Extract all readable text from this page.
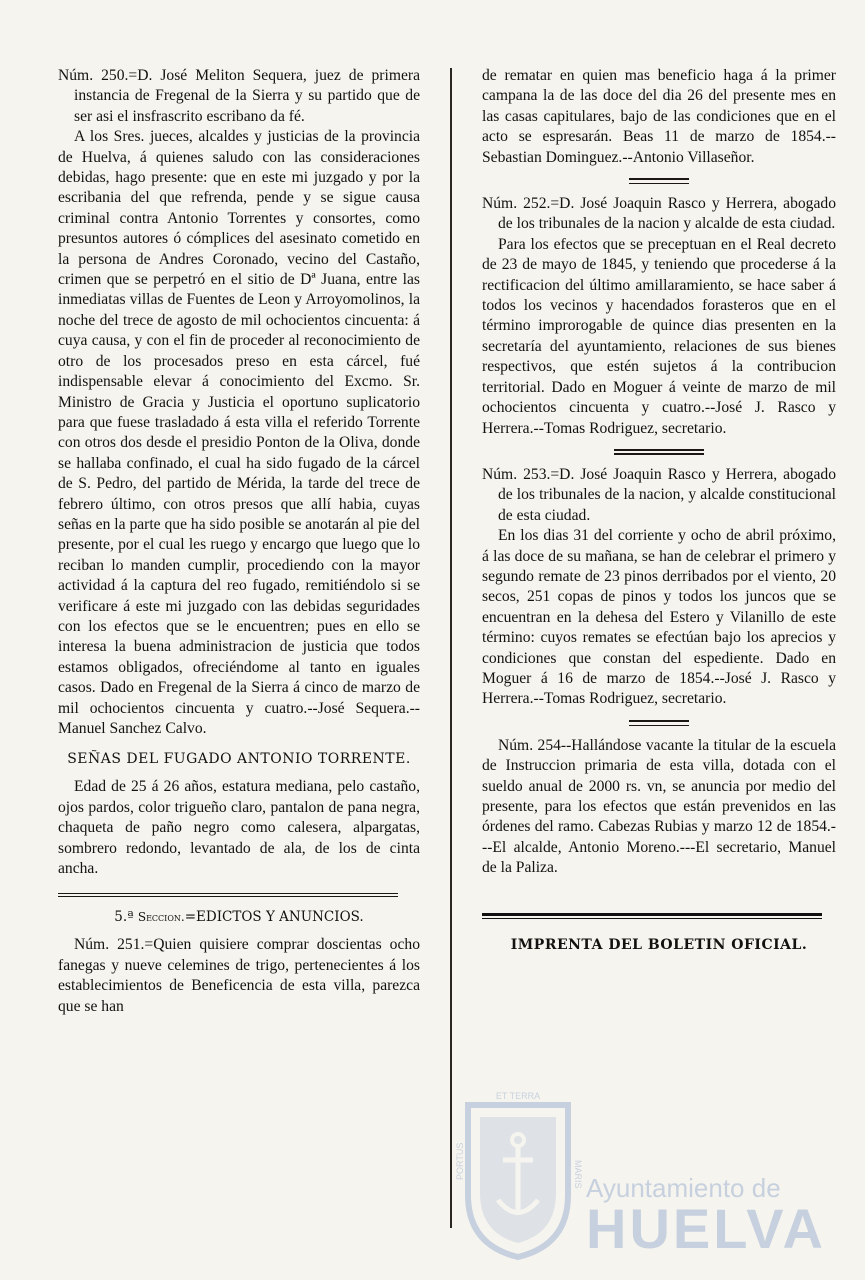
Núm. 250.=D. José Meliton Sequera, juez de primera instancia de Fregenal de la Sierra y su partido que de ser asi el insfrascrito escribano da fé.

A los Sres. jueces, alcaldes y justicias de la provincia de Huelva, á quienes saludo con las consideraciones debidas, hago presente: que en este mi juzgado y por la escribania del que refrenda, pende y se sigue causa criminal contra Antonio Torrentes y consortes, como presuntos autores ó cómplices del asesinato cometido en la persona de Andres Coronado, vecino del Castaño, crimen que se perpetró en el sitio de Dª Juana, entre las inmediatas villas de Fuentes de Leon y Arroyomolinos, la noche del trece de agosto de mil ochocientos cincuenta: á cuya causa, y con el fin de proceder al reconocimiento de otro de los procesados preso en esta cárcel, fué indispensable elevar á conocimiento del Excmo. Sr. Ministro de Gracia y Justicia el oportuno suplicatorio para que fuese trasladado á esta villa el referido Torrente con otros dos desde el presidio Ponton de la Oliva, donde se hallaba confinado, el cual ha sido fugado de la cárcel de S. Pedro, del partido de Mérida, la tarde del trece de febrero último, con otros presos que allí habia, cuyas señas en la parte que ha sido posible se anotarán al pie del presente, por el cual les ruego y encargo que luego que lo reciban lo manden cumplir, procediendo con la mayor actividad á la captura del reo fugado, remitiéndolo si se verificare á este mi juzgado con las debidas seguridades con los efectos que se le encuentren; pues en ello se interesa la buena administracion de justicia que todos estamos obligados, ofreciéndome al tanto en iguales casos. Dado en Fregenal de la Sierra á cinco de marzo de mil ochocientos cincuenta y cuatro.--José Sequera.-- Manuel Sanchez Calvo.

SEÑAS DEL FUGADO ANTONIO TORRENTE.

Edad de 25 á 26 años, estatura mediana, pelo castaño, ojos pardos, color trigueño claro, pantalon de pana negra, chaqueta de paño negro como calesera, alpargatas, sombrero redondo, levantado de ala, de los de cinta ancha.

5.ª Seccion.=EDICTOS Y ANUNCIOS.

Núm. 251.=Quien quisiere comprar doscientas ocho fanegas y nueve celemines de trigo, pertenecientes á los establecimientos de Beneficencia de esta villa, parezca que se han

de rematar en quien mas beneficio haga á la primer campana la de las doce del dia 26 del presente mes en las casas capitulares, bajo de las condiciones que en el acto se espresarán. Beas 11 de marzo de 1854.--Sebastian Dominguez.--Antonio Villaseñor.

Núm. 252.=D. José Joaquin Rasco y Herrera, abogado de los tribunales de la nacion y alcalde de esta ciudad.

Para los efectos que se preceptuan en el Real decreto de 23 de mayo de 1845, y teniendo que procederse á la rectificacion del último amillaramiento, se hace saber á todos los vecinos y hacendados forasteros que en el término improrogable de quince dias presenten en la secretaría del ayuntamiento, relaciones de sus bienes respectivos, que estén sujetos á la contribucion territorial. Dado en Moguer á veinte de marzo de mil ochocientos cincuenta y cuatro.--José J. Rasco y Herrera.--Tomas Rodriguez, secretario.

Núm. 253.=D. José Joaquin Rasco y Herrera, abogado de los tribunales de la nacion, y alcalde constitucional de esta ciudad.

En los dias 31 del corriente y ocho de abril próximo, á las doce de su mañana, se han de celebrar el primero y segundo remate de 23 pinos derribados por el viento, 20 secos, 251 copas de pinos y todos los juncos que se encuentran en la dehesa del Estero y Vilanillo de este término: cuyos remates se efectúan bajo los aprecios y condiciones que constan del espediente. Dado en Moguer á 16 de marzo de 1854.--José J. Rasco y Herrera.--Tomas Rodriguez, secretario.

Núm. 254--Hallándose vacante la titular de la escuela de Instruccion primaria de esta villa, dotada con el sueldo anual de 2000 rs. vn, se anuncia por medio del presente, para los efectos que están prevenidos en las órdenes del ramo. Cabezas Rubias y marzo 12 de 1854.---El alcalde, Antonio Moreno.---El secretario, Manuel de la Paliza.

IMPRENTA DEL BOLETIN OFICIAL.
ET TERRA
PORTUS	MARIS Ayuntamiento de
HUELVA
